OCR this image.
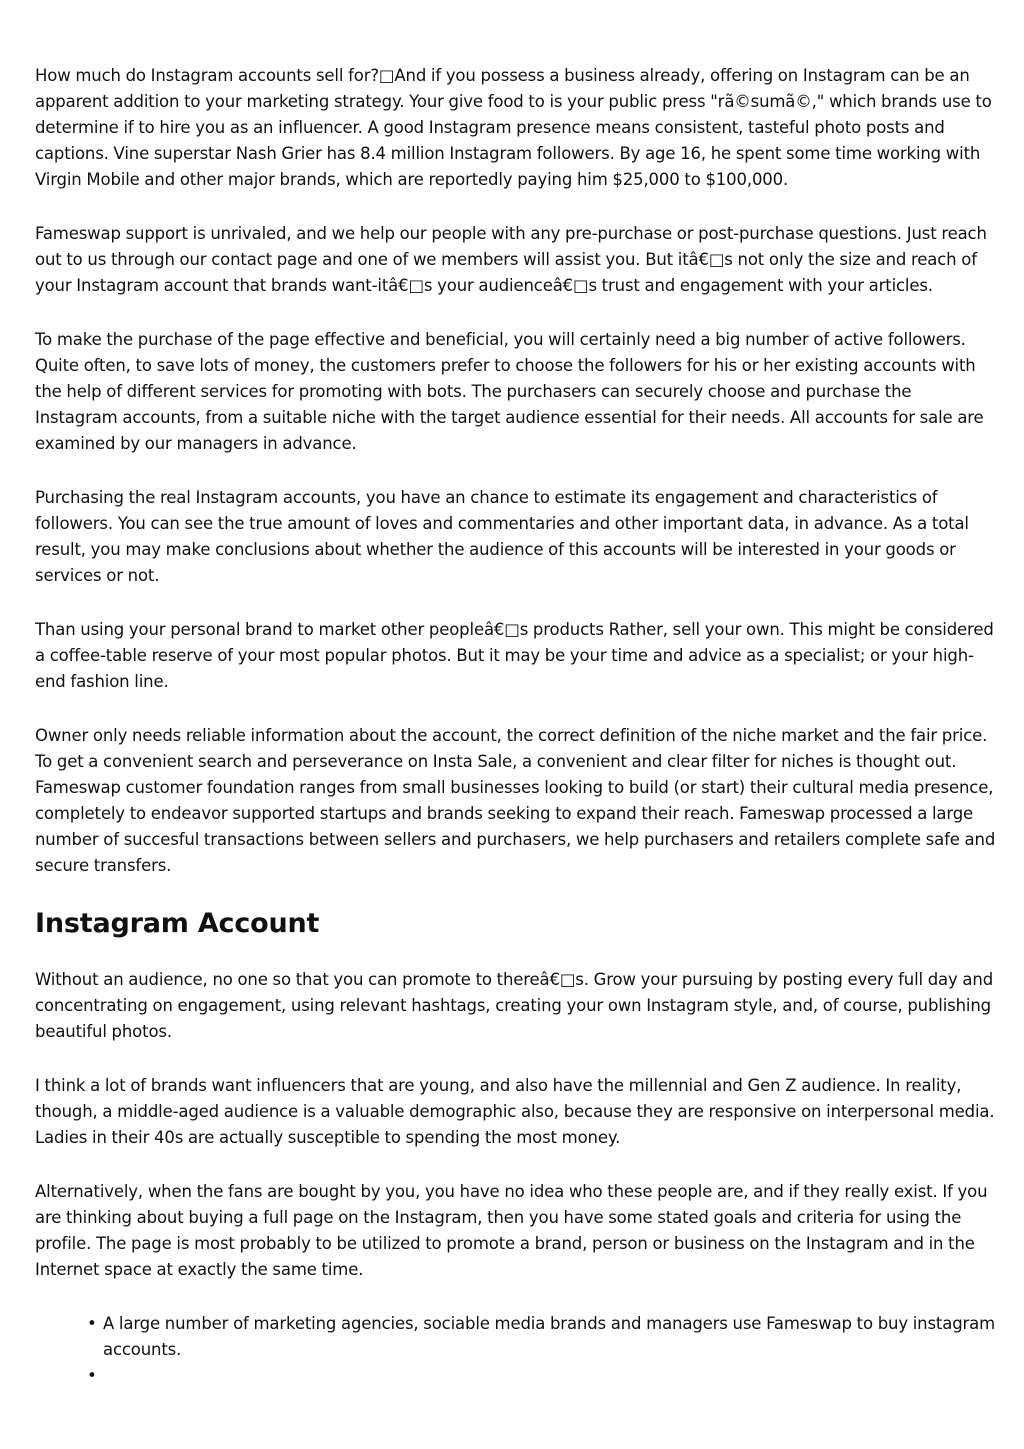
How much do Instagram accounts sell for?□And if you possess a business already, offering on Instagram can be an apparent addition to your marketing strategy. Your give food to is your public press "rã©sumã©," which brands use to determine if to hire you as an influencer. A good Instagram presence means consistent, tasteful photo posts and captions. Vine superstar Nash Grier has 8.4 million Instagram followers. By age 16, he spent some time working with Virgin Mobile and other major brands, which are reportedly paying him $25,000 to $100,000.

Fameswap support is unrivaled, and we help our people with any pre-purchase or post-purchase questions. Just reach out to us through our contact page and one of we members will assist you. But itâ€□s not only the size and reach of your Instagram account that brands want-itâ€□s your audienceâ€□s trust and engagement with your articles.

To make the purchase of the page effective and beneficial, you will certainly need a big number of active followers. Quite often, to save lots of money, the customers prefer to choose the followers for his or her existing accounts with the help of different services for promoting with bots. The purchasers can securely choose and purchase the Instagram accounts, from a suitable niche with the target audience essential for their needs. All accounts for sale are examined by our managers in advance.

Purchasing the real Instagram accounts, you have an chance to estimate its engagement and characteristics of followers. You can see the true amount of loves and commentaries and other important data, in advance. As a total result, you may make conclusions about whether the audience of this accounts will be interested in your goods or services or not.

Than using your personal brand to market other peopleâ€□s products Rather, sell your own. This might be considered a coffee-table reserve of your most popular photos. But it may be your time and advice as a specialist; or your high-end fashion line.

Owner only needs reliable information about the account, the correct definition of the niche market and the fair price. To get a convenient search and perseverance on Insta Sale, a convenient and clear filter for niches is thought out. Fameswap customer foundation ranges from small businesses looking to build (or start) their cultural media presence, completely to endeavor supported startups and brands seeking to expand their reach. Fameswap processed a large number of succesful transactions between sellers and purchasers, we help purchasers and retailers complete safe and secure transfers.

Instagram Account

Without an audience, no one so that you can promote to thereâ€□s. Grow your pursuing by posting every full day and concentrating on engagement, using relevant hashtags, creating your own Instagram style, and, of course, publishing beautiful photos.

I think a lot of brands want influencers that are young, and also have the millennial and Gen Z audience. In reality, though, a middle-aged audience is a valuable demographic also, because they are responsive on interpersonal media. Ladies in their 40s are actually susceptible to spending the most money.

Alternatively, when the fans are bought by you, you have no idea who these people are, and if they really exist. If you are thinking about buying a full page on the Instagram, then you have some stated goals and criteria for using the profile. The page is most probably to be utilized to promote a brand, person or business on the Instagram and in the Internet space at exactly the same time.

• A large number of marketing agencies, sociable media brands and managers use Fameswap to buy instagram accounts.
•
